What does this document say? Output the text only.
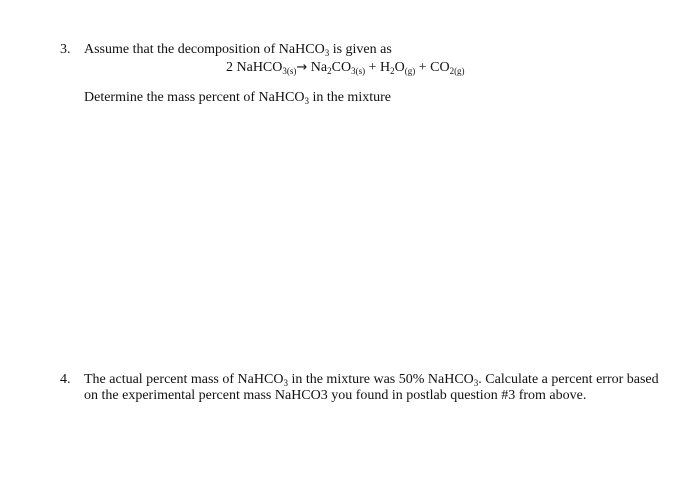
3. Assume that the decomposition of NaHCO$_3$ is given as
2 NaHCO$_{3(s)}$→ $Na_2CO_{3(s)} + H_2O_{(g)} + CO_{2(g)}$
Determine the mass percent of NaHCO$_3$ in the mixture
4. The actual percent mass of NaHCO$_3$ in the mixture was 50% NaHCO$_3$. Calculate a percent error based
on the experimental percent mass NaHCO3 you found in postlab question #3 from above.
